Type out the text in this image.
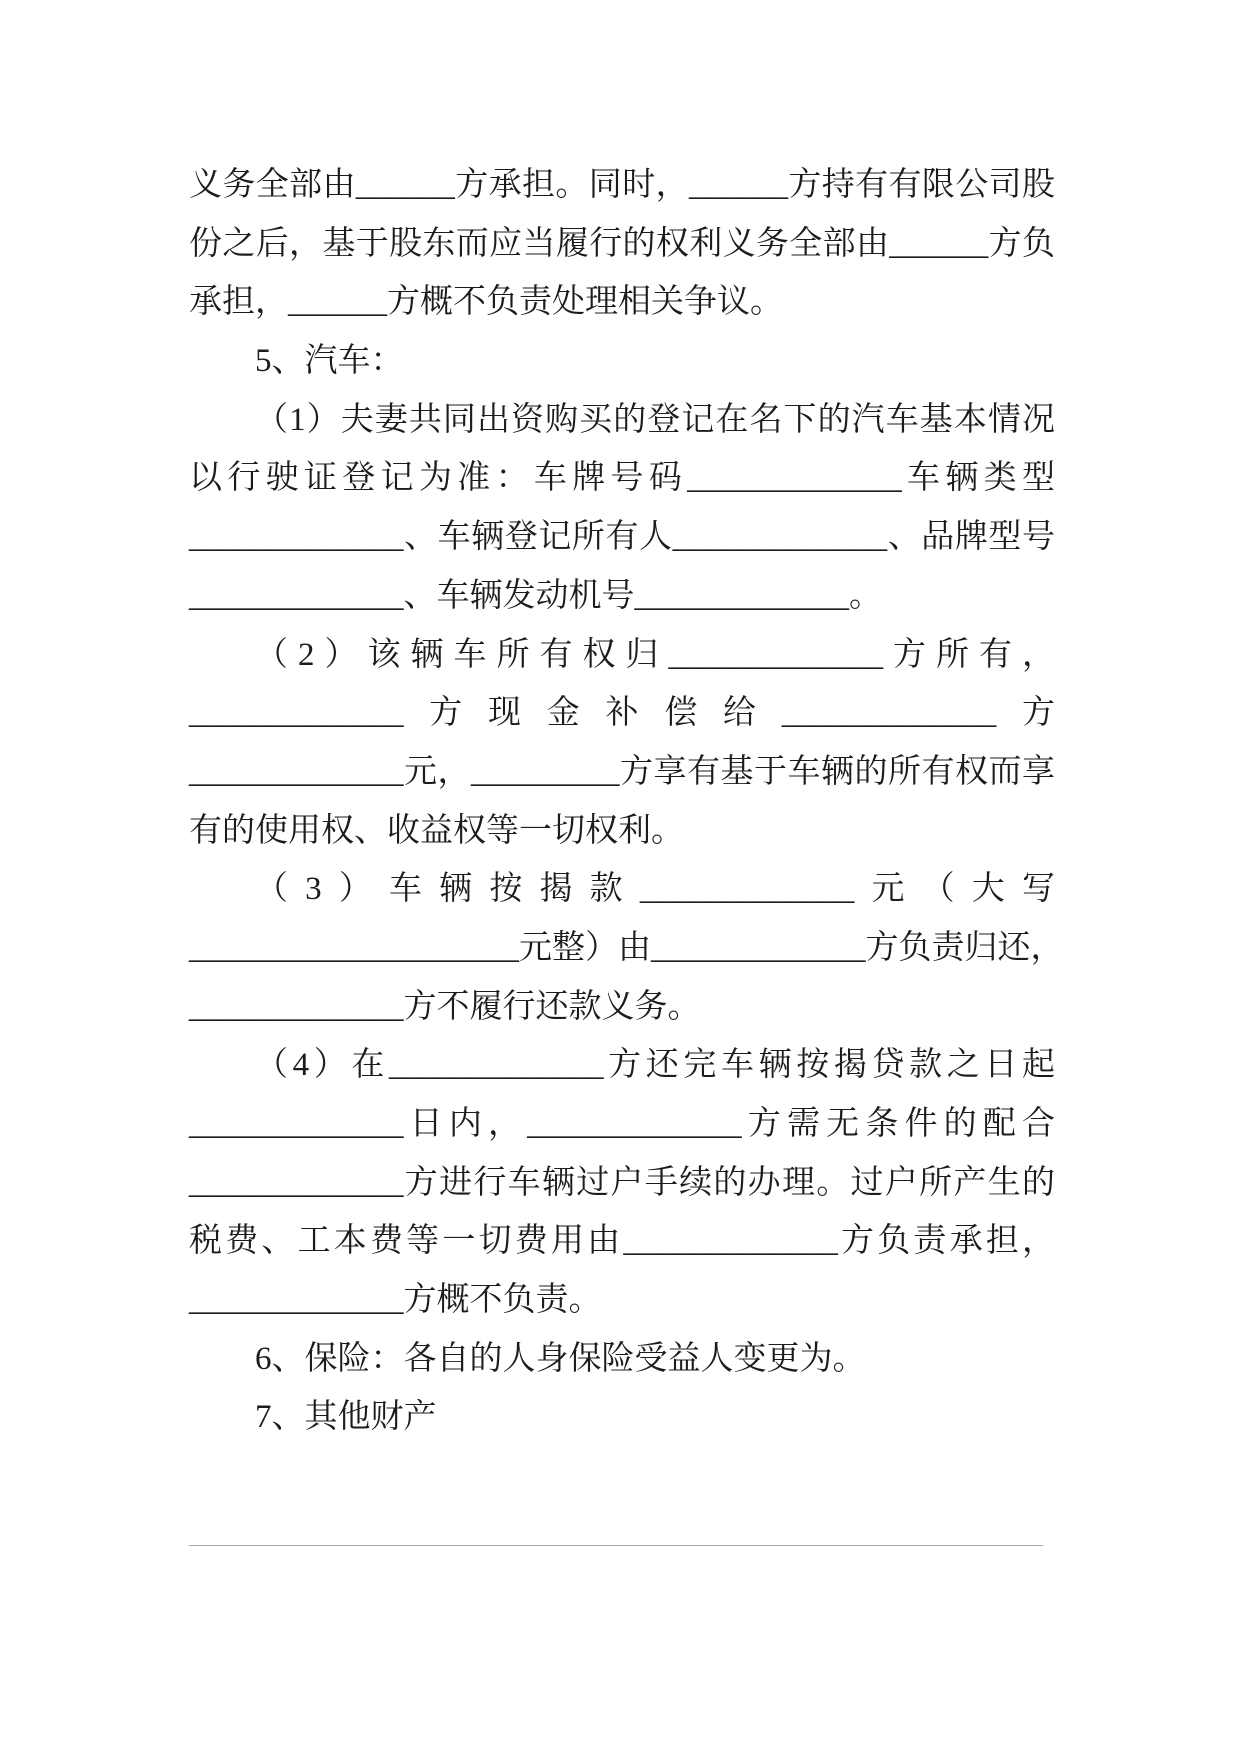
义务全部由______方承担。同时，______方持有有限公司股
份之后，基于股东而应当履行的权利义务全部由______方负
承担，______方概不负责处理相关争议。
5、汽车：
（1）夫妻共同出资购买的登记在名下的汽车基本情况
以行驶证登记为准：车牌号码_____________车辆类型
_____________、车辆登记所有人_____________、品牌型号
_____________、车辆发动机号_____________。
（2）该辆车所有权归_____________方所有，
_____________方现金补偿给_____________方
_____________元，_________方享有基于车辆的所有权而享
有的使用权、收益权等一切权利。
（3）车辆按揭款_____________元（大写
____________________元整）由_____________方负责归还，
_____________方不履行还款义务。
（4）在_____________方还完车辆按揭贷款之日起
_____________日内，_____________方需无条件的配合
_____________方进行车辆过户手续的办理。过户所产生的
税费、工本费等一切费用由_____________方负责承担，
_____________方概不负责。
6、保险：各自的人身保险受益人变更为。
7、其他财产
